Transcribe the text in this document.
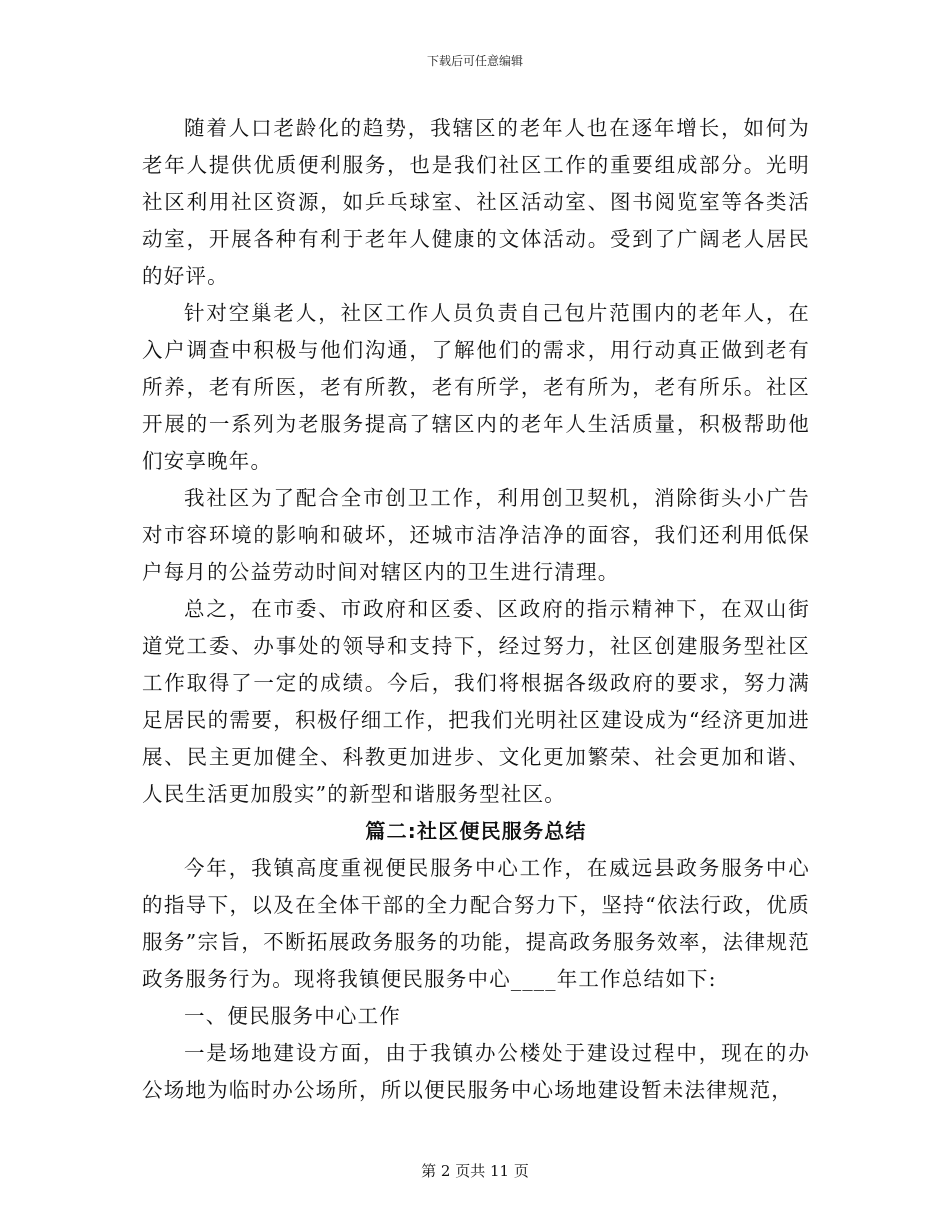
下载后可任意编辑

随着人口老龄化的趋势，我辖区的老年人也在逐年增长，如何为老年人提供优质便利服务，也是我们社区工作的重要组成部分。光明社区利用社区资源，如乒乓球室、社区活动室、图书阅览室等各类活动室，开展各种有利于老年人健康的文体活动。受到了广阔老人居民的好评。

针对空巢老人，社区工作人员负责自己包片范围内的老年人，在入户调查中积极与他们沟通，了解他们的需求，用行动真正做到老有所养，老有所医，老有所教，老有所学，老有所为，老有所乐。社区开展的一系列为老服务提高了辖区内的老年人生活质量，积极帮助他们安享晚年。

我社区为了配合全市创卫工作，利用创卫契机，消除街头小广告对市容环境的影响和破坏，还城市洁净洁净的面容，我们还利用低保户每月的公益劳动时间对辖区内的卫生进行清理。

总之，在市委、市政府和区委、区政府的指示精神下，在双山街道党工委、办事处的领导和支持下，经过努力，社区创建服务型社区工作取得了一定的成绩。今后，我们将根据各级政府的要求，努力满足居民的需要，积极仔细工作，把我们光明社区建设成为“经济更加进展、民主更加健全、科教更加进步、文化更加繁荣、社会更加和谐、人民生活更加殷实”的新型和谐服务型社区。

篇二:社区便民服务总结

今年，我镇高度重视便民服务中心工作，在威远县政务服务中心的指导下，以及在全体干部的全力配合努力下，坚持“依法行政，优质服务”宗旨，不断拓展政务服务的功能，提高政务服务效率，法律规范政务服务行为。现将我镇便民服务中心____年工作总结如下:

一、便民服务中心工作

一是场地建设方面，由于我镇办公楼处于建设过程中，现在的办公场地为临时办公场所，所以便民服务中心场地建设暂未法律规范，

第 2 页共 11 页
